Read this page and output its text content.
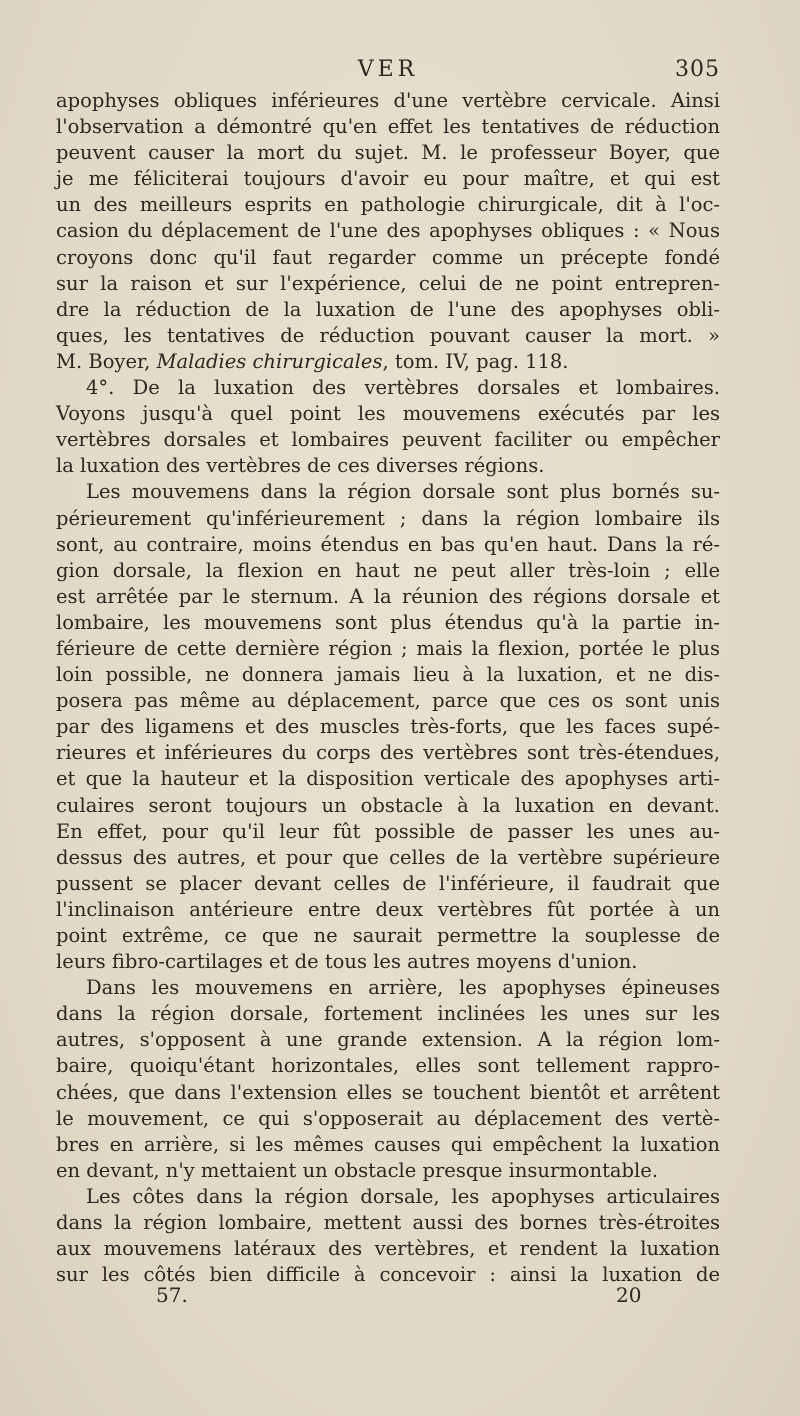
VER	305
apophyses obliques inférieures d'une vertèbre cervicale. Ainsi
l'observation a démontré qu'en effet les tentatives de réduction
peuvent causer la mort du sujet. M. le professeur Boyer, que
je me féliciterai toujours d'avoir eu pour maître, et qui est
un des meilleurs esprits en pathologie chirurgicale, dit à l'oc-
casion du déplacement de l'une des apophyses obliques : « Nous
croyons donc qu'il faut regarder comme un précepte fondé
sur la raison et sur l'expérience, celui de ne point entrepren-
dre la réduction de la luxation de l'une des apophyses obli-
ques, les tentatives de réduction pouvant causer la mort. »
M. Boyer, Maladies chirurgicales, tom. IV, pag. 118.
4°. De la luxation des vertèbres dorsales et lombaires.
Voyons jusqu'à quel point les mouvemens exécutés par les
vertèbres dorsales et lombaires peuvent faciliter ou empêcher
la luxation des vertèbres de ces diverses régions.
Les mouvemens dans la région dorsale sont plus bornés su-
périeurement qu'inférieurement ; dans la région lombaire ils
sont, au contraire, moins étendus en bas qu'en haut. Dans la ré-
gion dorsale, la flexion en haut ne peut aller très-loin ; elle
est arrêtée par le sternum. A la réunion des régions dorsale et
lombaire, les mouvemens sont plus étendus qu'à la partie in-
férieure de cette dernière région ; mais la flexion, portée le plus
loin possible, ne donnera jamais lieu à la luxation, et ne dis-
posera pas même au déplacement, parce que ces os sont unis
par des ligamens et des muscles très-forts, que les faces supé-
rieures et inférieures du corps des vertèbres sont très-étendues,
et que la hauteur et la disposition verticale des apophyses arti-
culaires seront toujours un obstacle à la luxation en devant.
En effet, pour qu'il leur fût possible de passer les unes au-
dessus des autres, et pour que celles de la vertèbre supérieure
pussent se placer devant celles de l'inférieure, il faudrait que
l'inclinaison antérieure entre deux vertèbres fût portée à un
point extrême, ce que ne saurait permettre la souplesse de
leurs fibro-cartilages et de tous les autres moyens d'union.
Dans les mouvemens en arrière, les apophyses épineuses
dans la région dorsale, fortement inclinées les unes sur les
autres, s'opposent à une grande extension. A la région lom-
baire, quoiqu'étant horizontales, elles sont tellement rappro-
chées, que dans l'extension elles se touchent bientôt et arrêtent
le mouvement, ce qui s'opposerait au déplacement des vertè-
bres en arrière, si les mêmes causes qui empêchent la luxation
en devant, n'y mettaient un obstacle presque insurmontable.
Les côtes dans la région dorsale, les apophyses articulaires
dans la région lombaire, mettent aussi des bornes très-étroites
aux mouvemens latéraux des vertèbres, et rendent la luxation
sur les côtés bien difficile à concevoir : ainsi la luxation de
57.	20
